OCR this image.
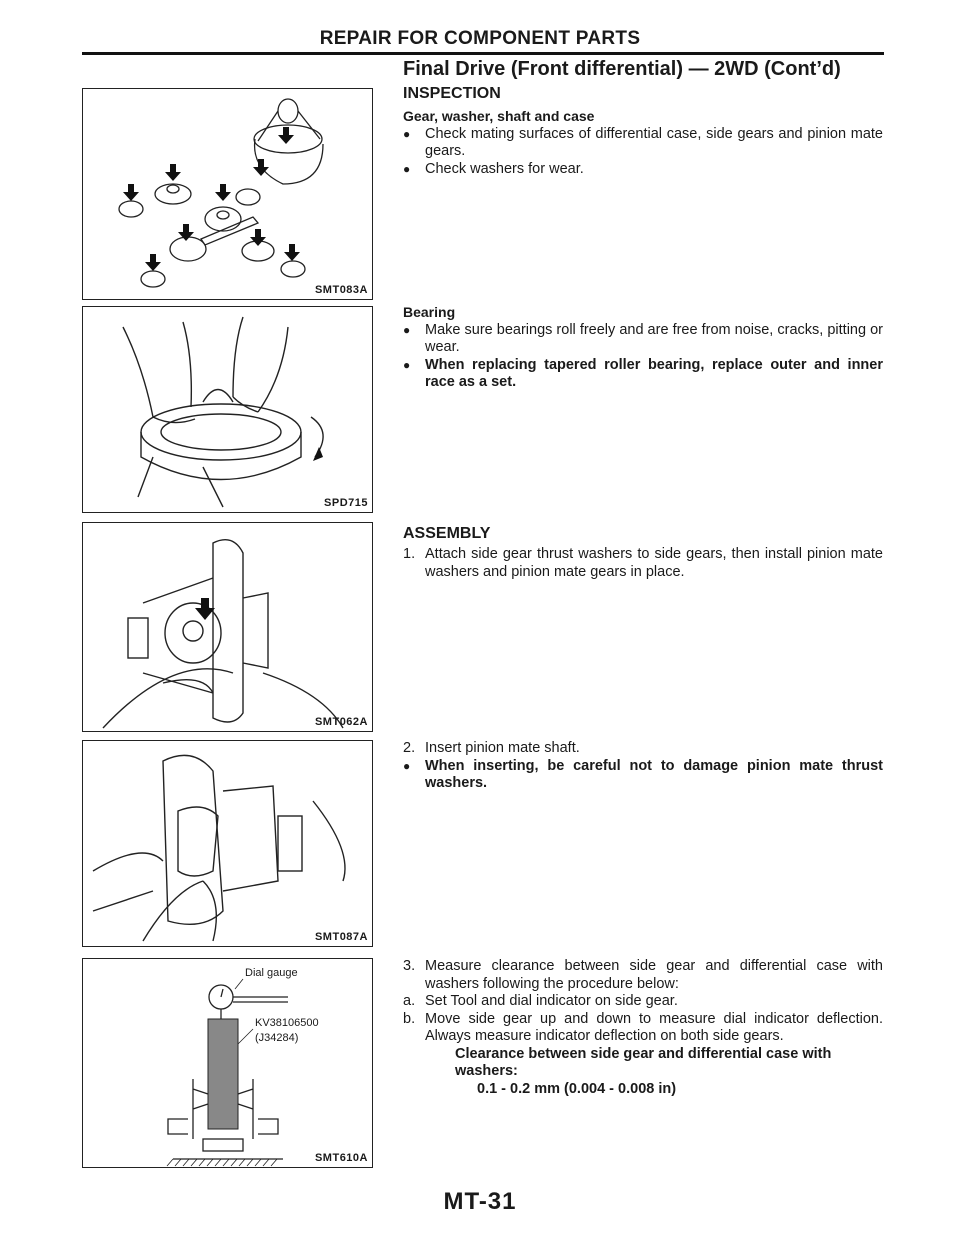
REPAIR FOR COMPONENT PARTS
SMT083A
SPD715
SMT062A
SMT087A
Dial gauge
KV38106500
(J34284)
SMT610A
Final Drive (Front differential) — 2WD (Cont’d)
INSPECTION
Gear, washer, shaft and case
●	Check mating surfaces of differential case, side gears and pinion mate gears.
●	Check washers for wear.
Bearing
●	Make sure bearings roll freely and are free from noise, cracks, pitting or wear.
●	When replacing tapered roller bearing, replace outer and inner race as a set.
ASSEMBLY
1. Attach side gear thrust washers to side gears, then install pinion mate washers and pinion mate gears in place.
2. Insert pinion mate shaft.
●	When inserting, be careful not to damage pinion mate thrust washers.
3. Measure clearance between side gear and differential case with washers following the procedure below:
a. Set Tool and dial indicator on side gear.
b. Move side gear up and down to measure dial indicator deflection. Always measure indicator deflection on both side gears.
Clearance between side gear and differential case with washers:
0.1 - 0.2 mm (0.004 - 0.008 in)
MT-31
